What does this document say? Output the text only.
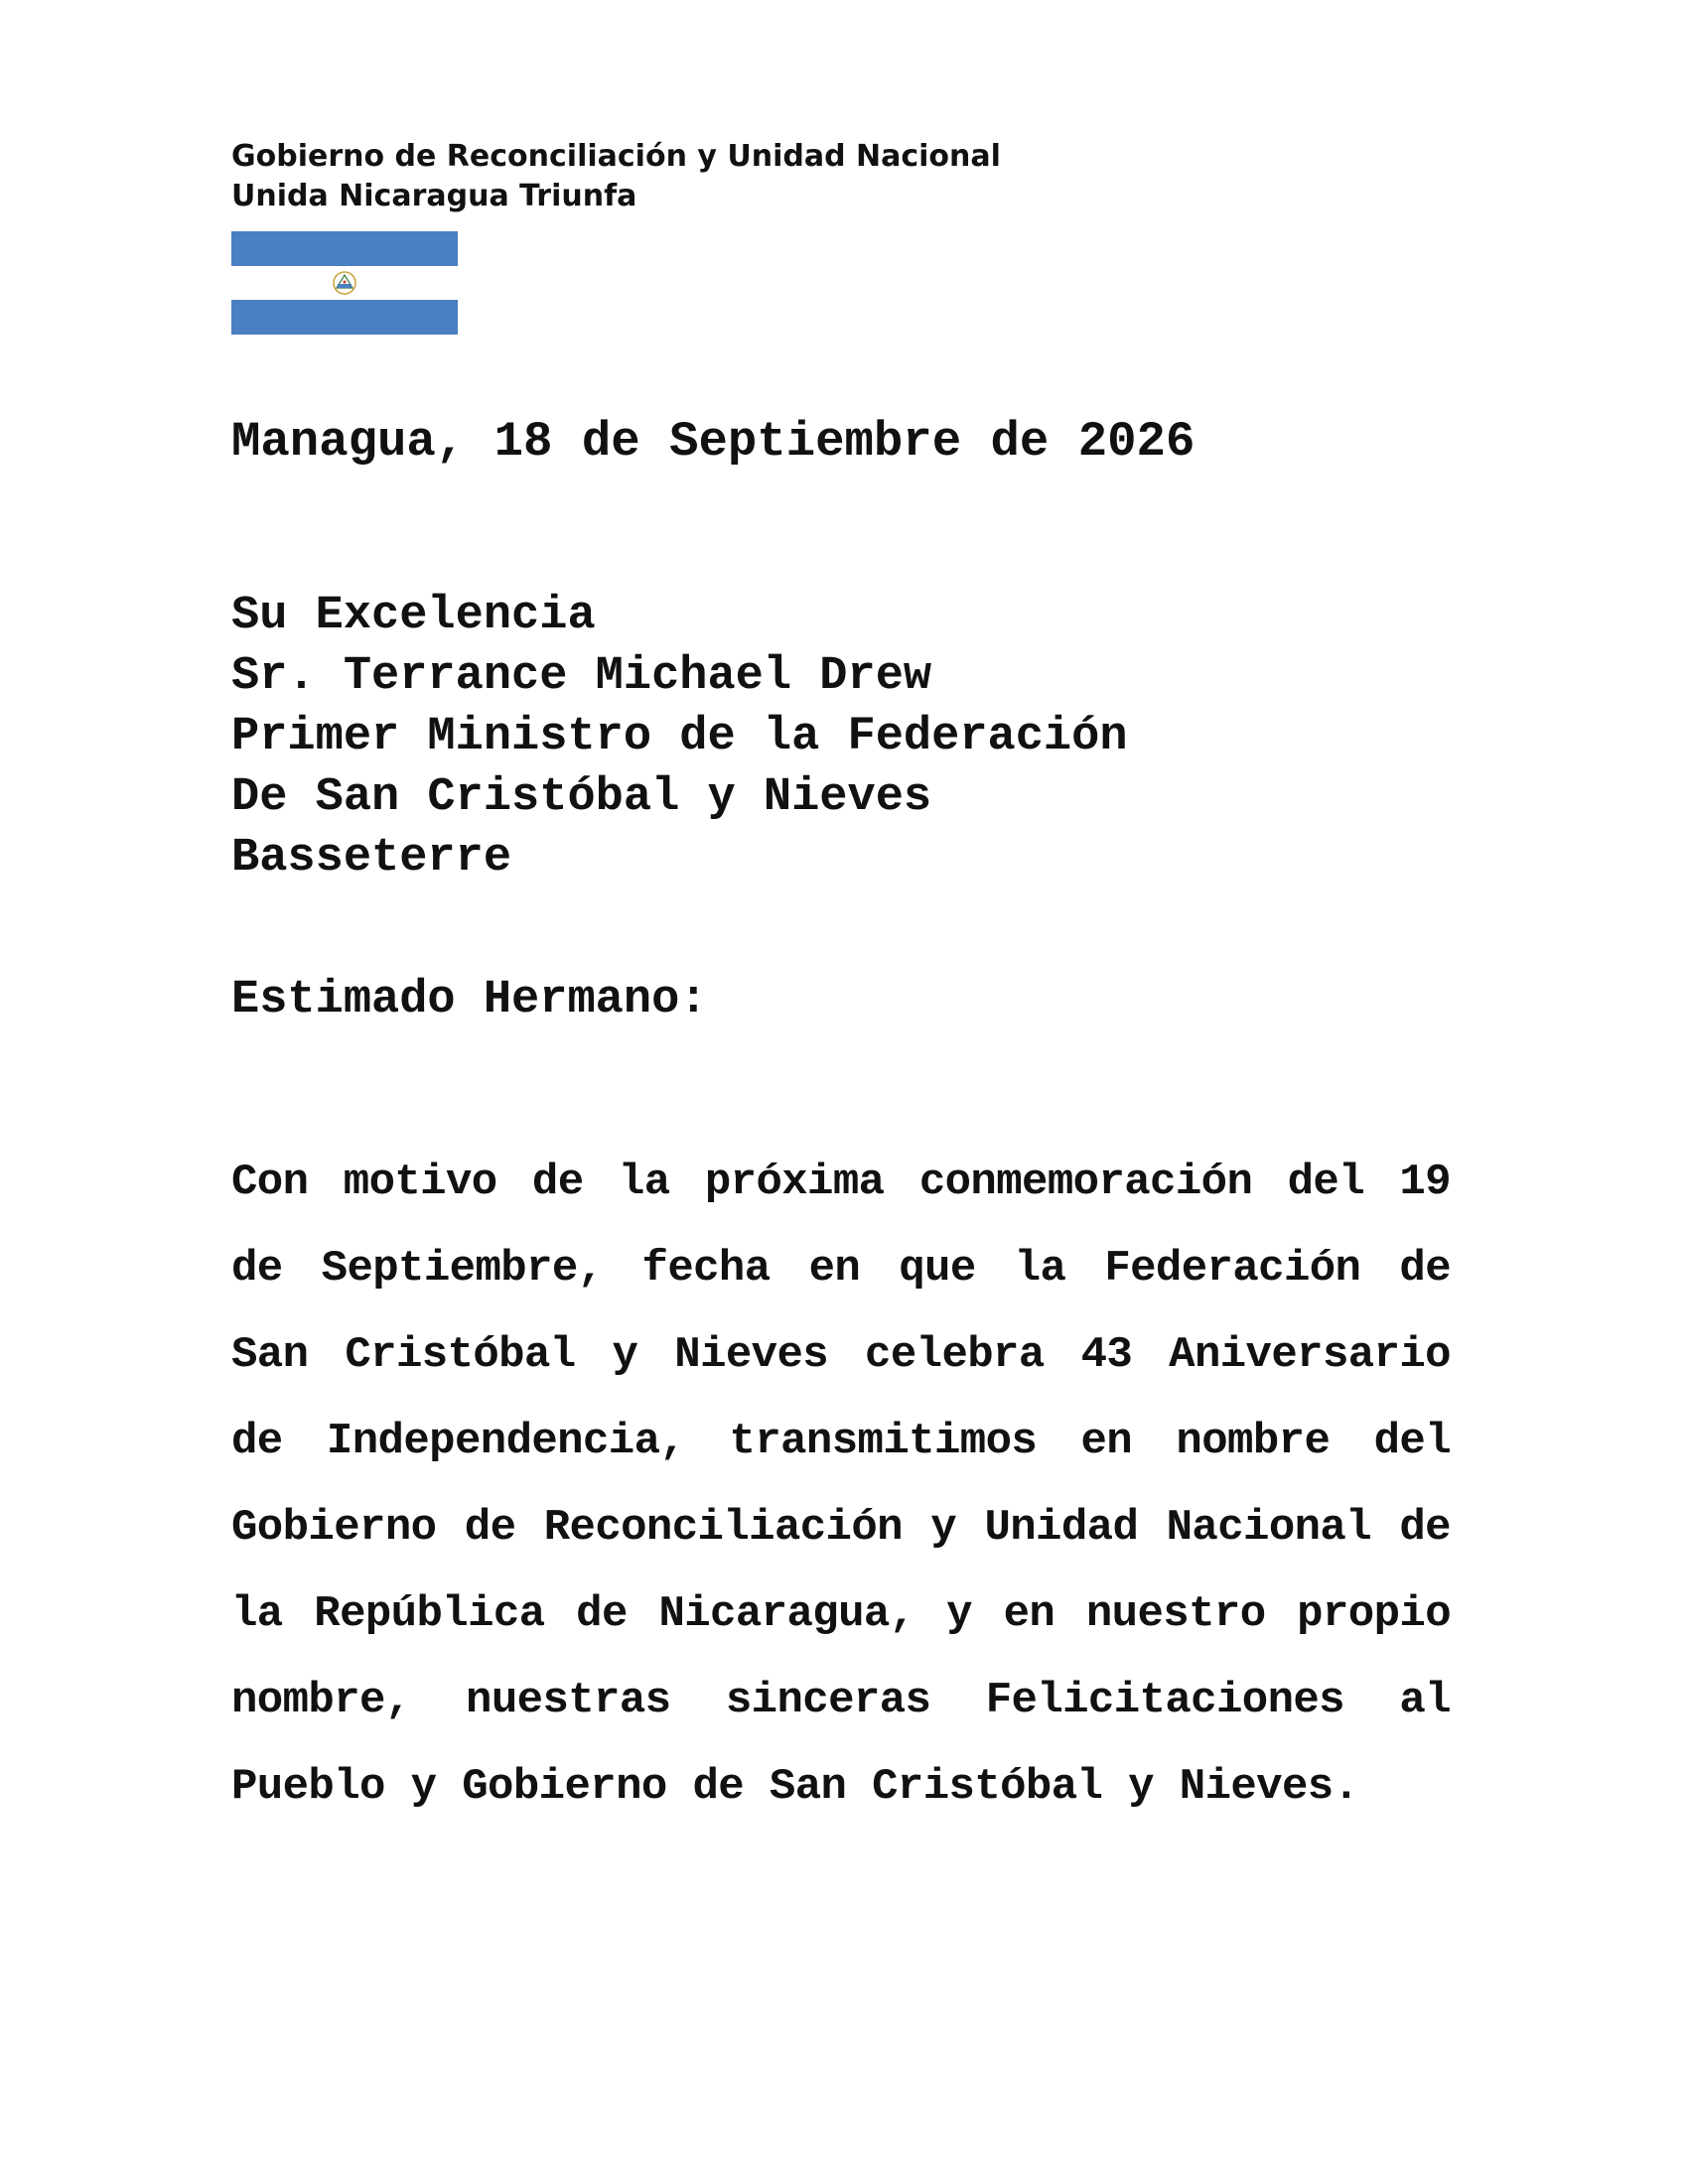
Gobierno de Reconciliación y Unidad Nacional
Unida Nicaragua Triunfa
Managua, 18 de Septiembre de 2026
Su Excelencia
Sr. Terrance Michael Drew
Primer Ministro de la Federación
De San Cristóbal y Nieves
Basseterre
Estimado Hermano:
Con motivo de la próxima conmemoración del 19 de Septiembre, fecha en que la Federación de San Cristóbal y Nieves celebra 43 Aniversario de Independencia, transmitimos en nombre del Gobierno de Reconciliación y Unidad Nacional de la República de Nicaragua, y en nuestro propio nombre, nuestras sinceras Felicitaciones al Pueblo y Gobierno de San Cristóbal y Nieves.
